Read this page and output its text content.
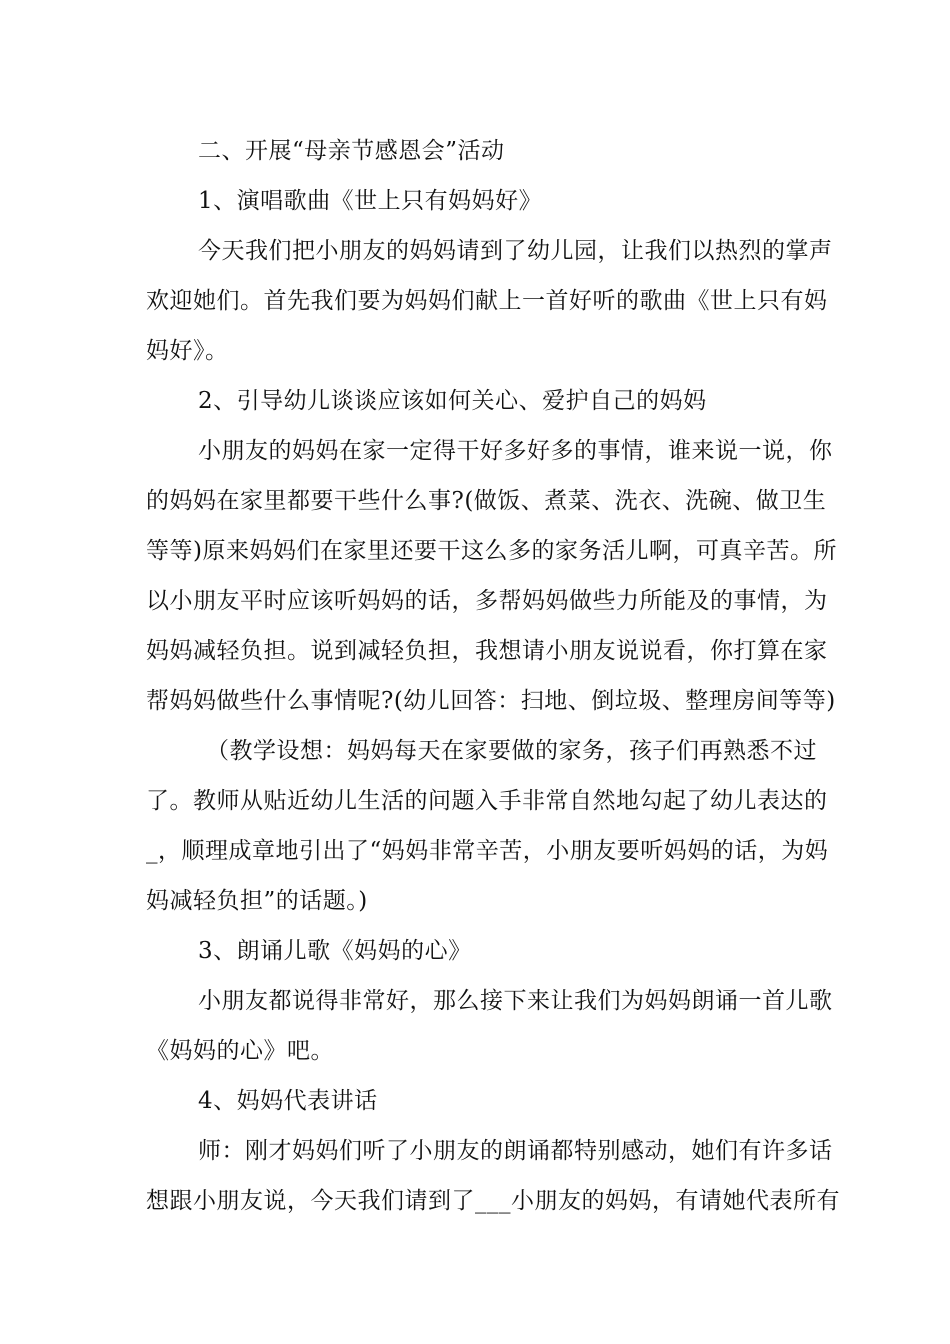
二、开展“母亲节感恩会”活动
1、演唱歌曲《世上只有妈妈好》
今天我们把小朋友的妈妈请到了幼儿园，让我们以热烈的掌声
欢迎她们。首先我们要为妈妈们献上一首好听的歌曲《世上只有妈
妈好》。
2、引导幼儿谈谈应该如何关心、爱护自己的妈妈
小朋友的妈妈在家一定得干好多好多的事情，谁来说一说，你
的妈妈在家里都要干些什么事?(做饭、煮菜、洗衣、洗碗、做卫生
等等)原来妈妈们在家里还要干这么多的家务活儿啊，可真辛苦。所
以小朋友平时应该听妈妈的话，多帮妈妈做些力所能及的事情，为
妈妈减轻负担。说到减轻负担，我想请小朋友说说看，你打算在家
帮妈妈做些什么事情呢?(幼儿回答：扫地、倒垃圾、整理房间等等)
（教学设想：妈妈每天在家要做的家务，孩子们再熟悉不过
了。教师从贴近幼儿生活的问题入手非常自然地勾起了幼儿表达的
_，顺理成章地引出了“妈妈非常辛苦，小朋友要听妈妈的话，为妈
妈减轻负担”的话题。)
3、朗诵儿歌《妈妈的心》
小朋友都说得非常好，那么接下来让我们为妈妈朗诵一首儿歌
《妈妈的心》吧。
4、妈妈代表讲话
师：刚才妈妈们听了小朋友的朗诵都特别感动，她们有许多话
想跟小朋友说，今天我们请到了___小朋友的妈妈，有请她代表所有
